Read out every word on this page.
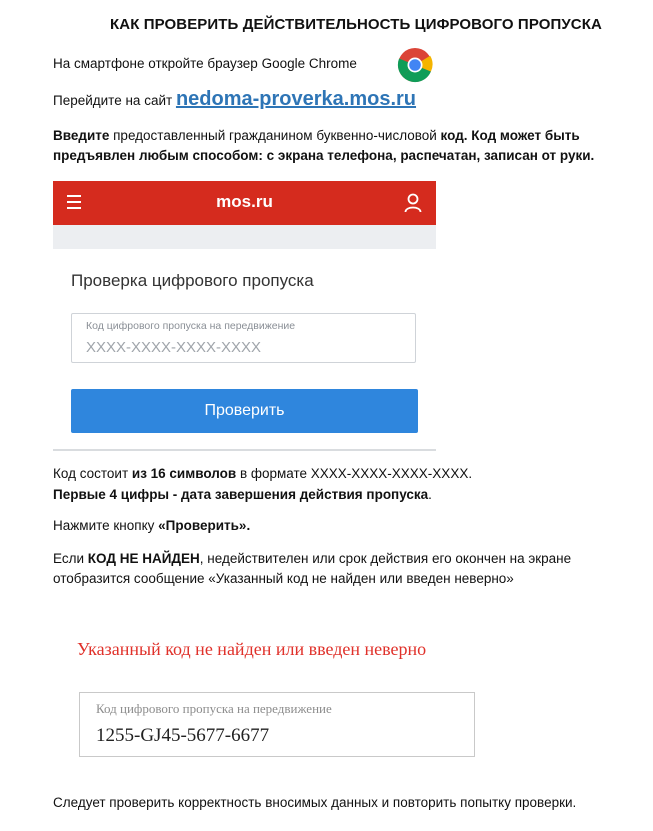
КАК ПРОВЕРИТЬ ДЕЙСТВИТЕЛЬНОСТЬ ЦИФРОВОГО ПРОПУСКА
На смартфоне откройте браузер Google Chrome
Перейдите на сайт nedoma-proverka.mos.ru
Введите предоставленный гражданином буквенно-числовой код. Код может быть предъявлен любым способом: с экрана телефона, распечатан, записан от руки.
mos.ru
Проверка цифрового пропуска
Код цифрового пропуска на передвижение
XXXX-XXXX-XXXX-XXXX
Проверить
Код состоит из 16 символов в формате XXXX-XXXX-XXXX-XXXX.
Первые 4 цифры - дата завершения действия пропуска.
Нажмите кнопку «Проверить».
Если КОД НЕ НАЙДЕН, недействителен или срок действия его окончен на экране отобразится сообщение «Указанный код не найден или введен неверно»
Указанный код не найден или введен неверно
Код цифрового пропуска на передвижение
1255-GJ45-5677-6677
Следует проверить корректность вносимых данных и повторить попытку проверки.
